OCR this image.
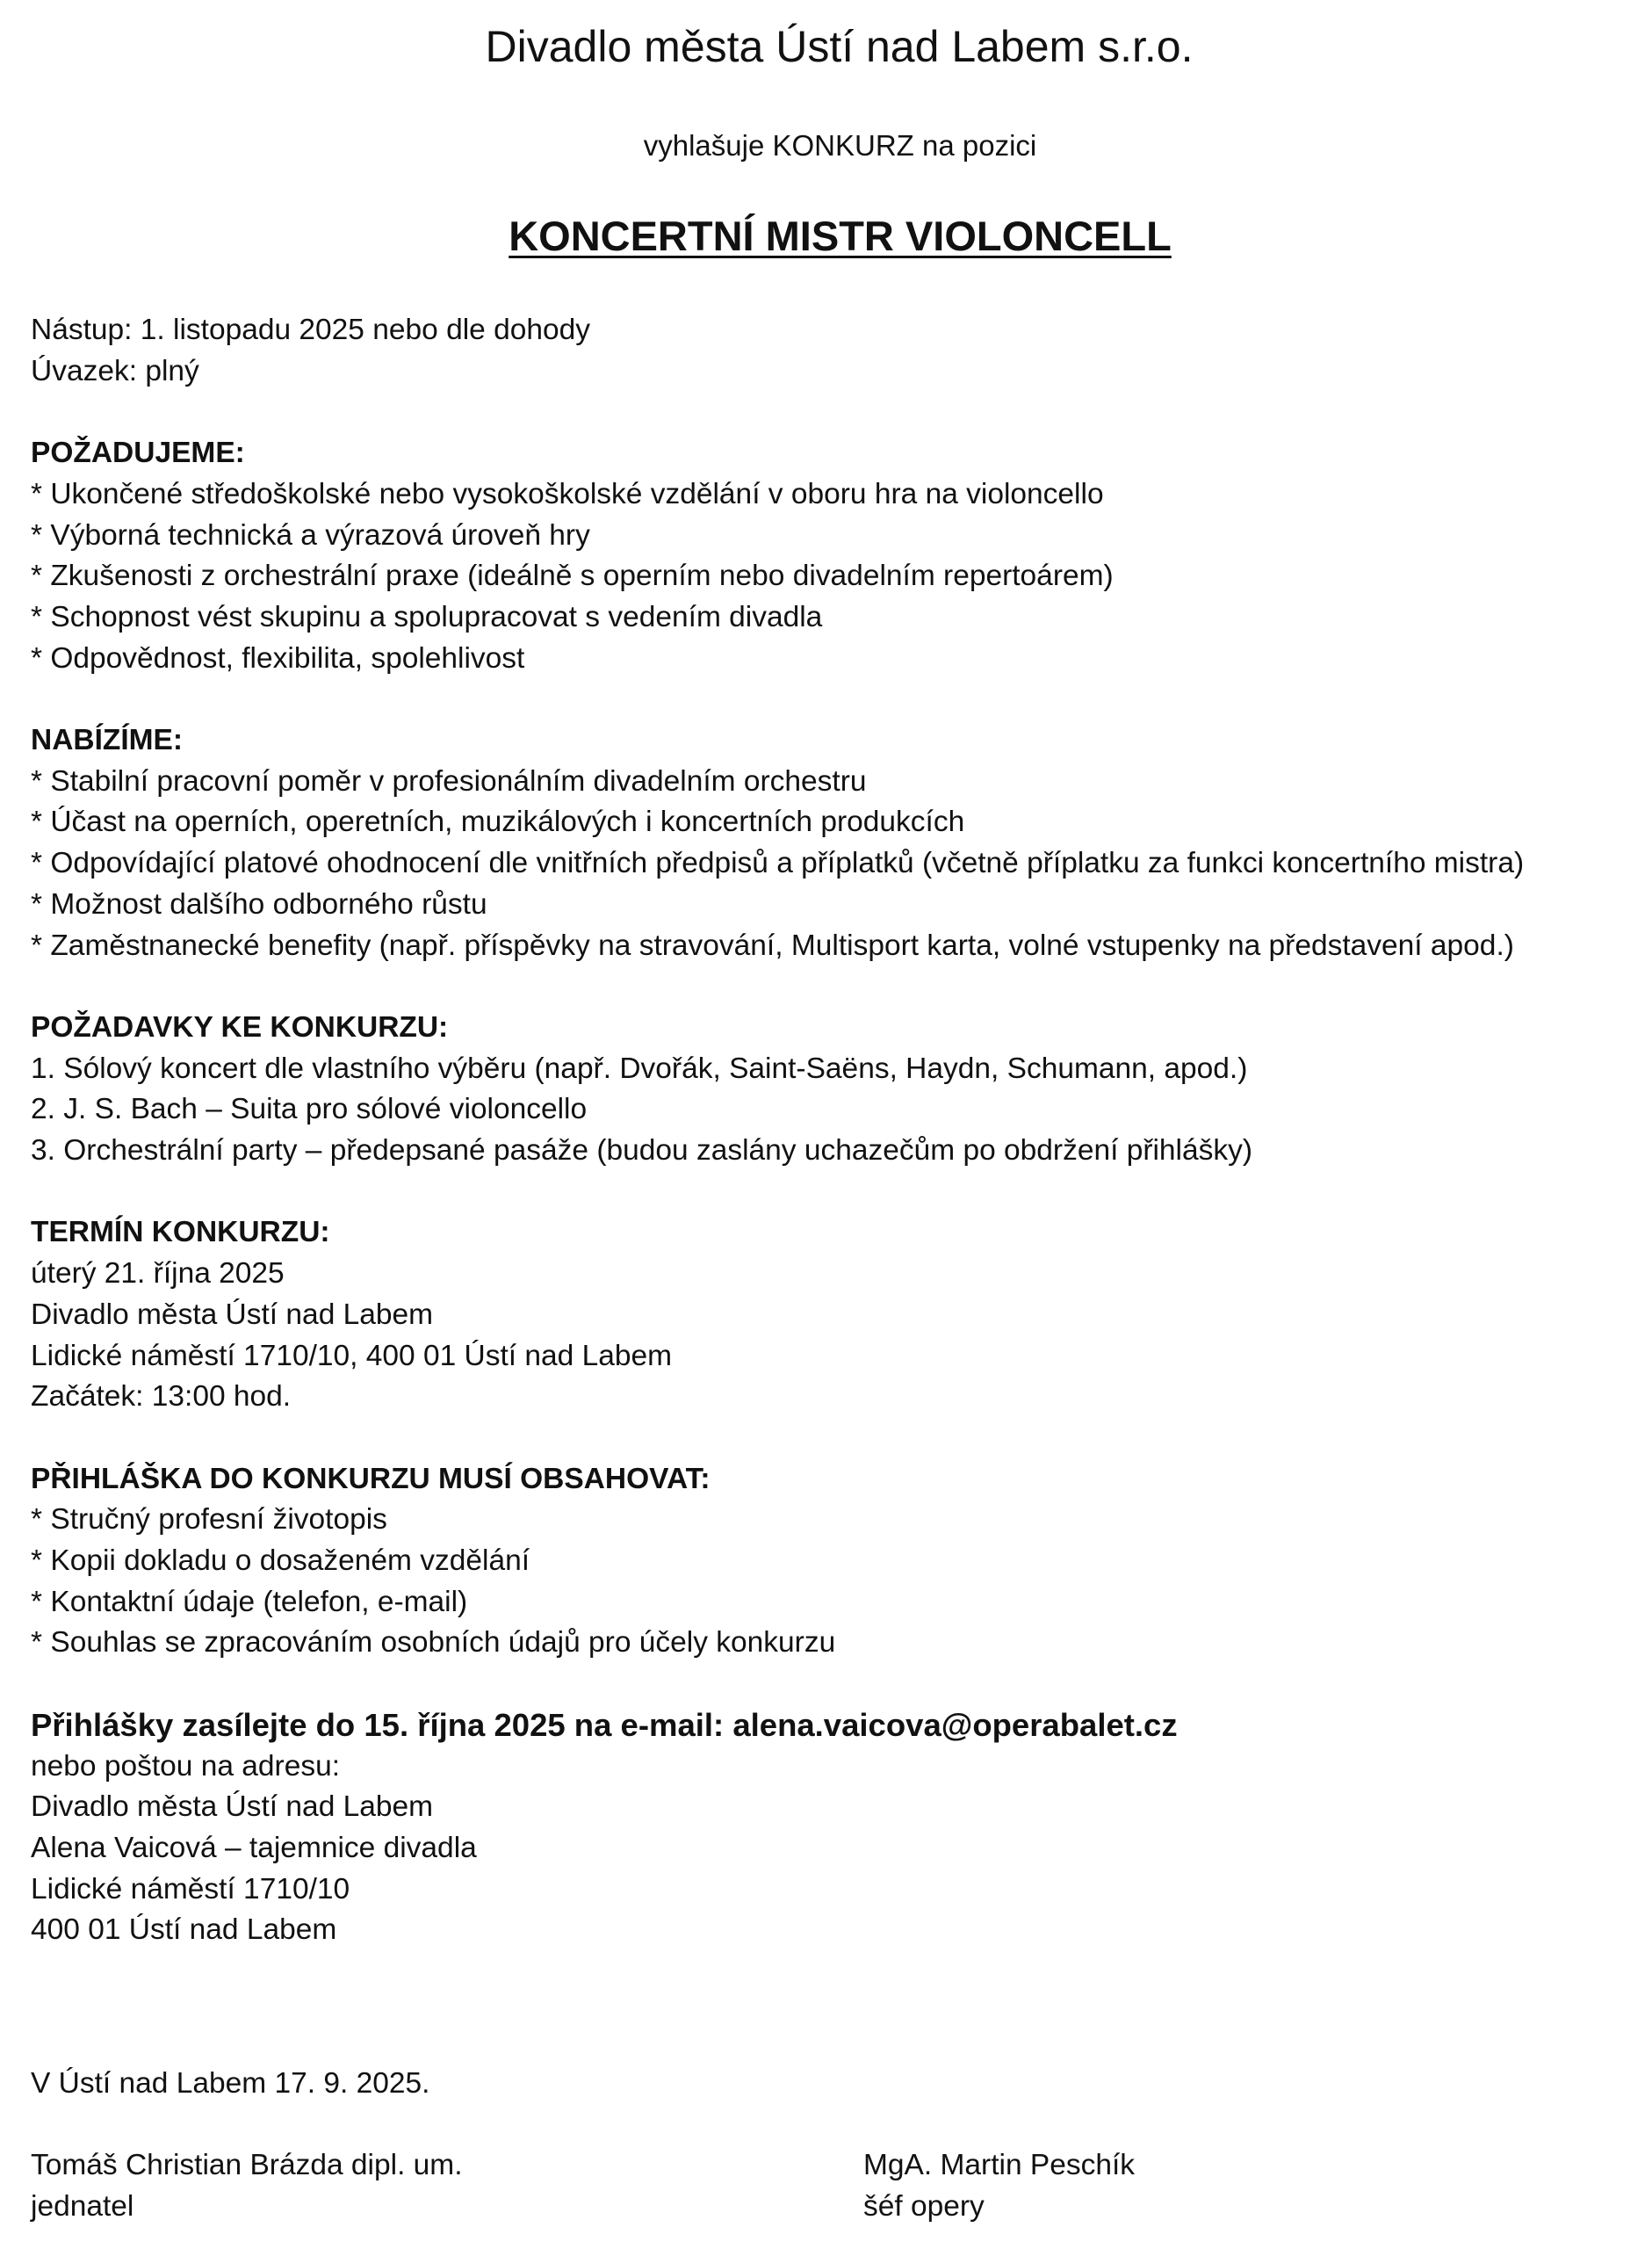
Divadlo města Ústí nad Labem s.r.o.
vyhlašuje KONKURZ na pozici
KONCERTNÍ MISTR VIOLONCELL
Nástup: 1. listopadu 2025 nebo dle dohody
Úvazek: plný
POŽADUJEME:
* Ukončené středoškolské nebo vysokoškolské vzdělání v oboru hra na violoncello
* Výborná technická a výrazová úroveň hry
* Zkušenosti z orchestrální praxe (ideálně s operním nebo divadelním repertoárem)
* Schopnost vést skupinu a spolupracovat s vedením divadla
* Odpovědnost, flexibilita, spolehlivost
NABÍZÍME:
* Stabilní pracovní poměr v profesionálním divadelním orchestru
* Účast na operních, operetních, muzikálových i koncertních produkcích
* Odpovídající platové ohodnocení dle vnitřních předpisů a příplatků (včetně příplatku za funkci koncertního mistra)
* Možnost dalšího odborného růstu
* Zaměstnanecké benefity (např. příspěvky na stravování, Multisport karta, volné vstupenky na představení apod.)
POŽADAVKY KE KONKURZU:
1. Sólový koncert dle vlastního výběru (např. Dvořák, Saint-Saëns, Haydn, Schumann, apod.)
2. J. S. Bach – Suita pro sólové violoncello
3. Orchestrální party – předepsané pasáže (budou zaslány uchazečům po obdržení přihlášky)
TERMÍN KONKURZU:
úterý 21. října 2025
Divadlo města Ústí nad Labem
Lidické náměstí 1710/10, 400 01 Ústí nad Labem
Začátek: 13:00 hod.
PŘIHLÁŠKA DO KONKURZU MUSÍ OBSAHOVAT:
* Stručný profesní životopis
* Kopii dokladu o dosaženém vzdělání
* Kontaktní údaje (telefon, e-mail)
* Souhlas se zpracováním osobních údajů pro účely konkurzu
Přihlášky zasílejte do 15. října 2025 na e-mail: alena.vaicova@operabalet.cz
nebo poštou na adresu:
Divadlo města Ústí nad Labem
Alena Vaicová – tajemnice divadla
Lidické náměstí 1710/10
400 01 Ústí nad Labem
V Ústí nad Labem 17. 9. 2025.
Tomáš Christian Brázda dipl. um.	MgA. Martin Peschík
jednatel	šéf opery
